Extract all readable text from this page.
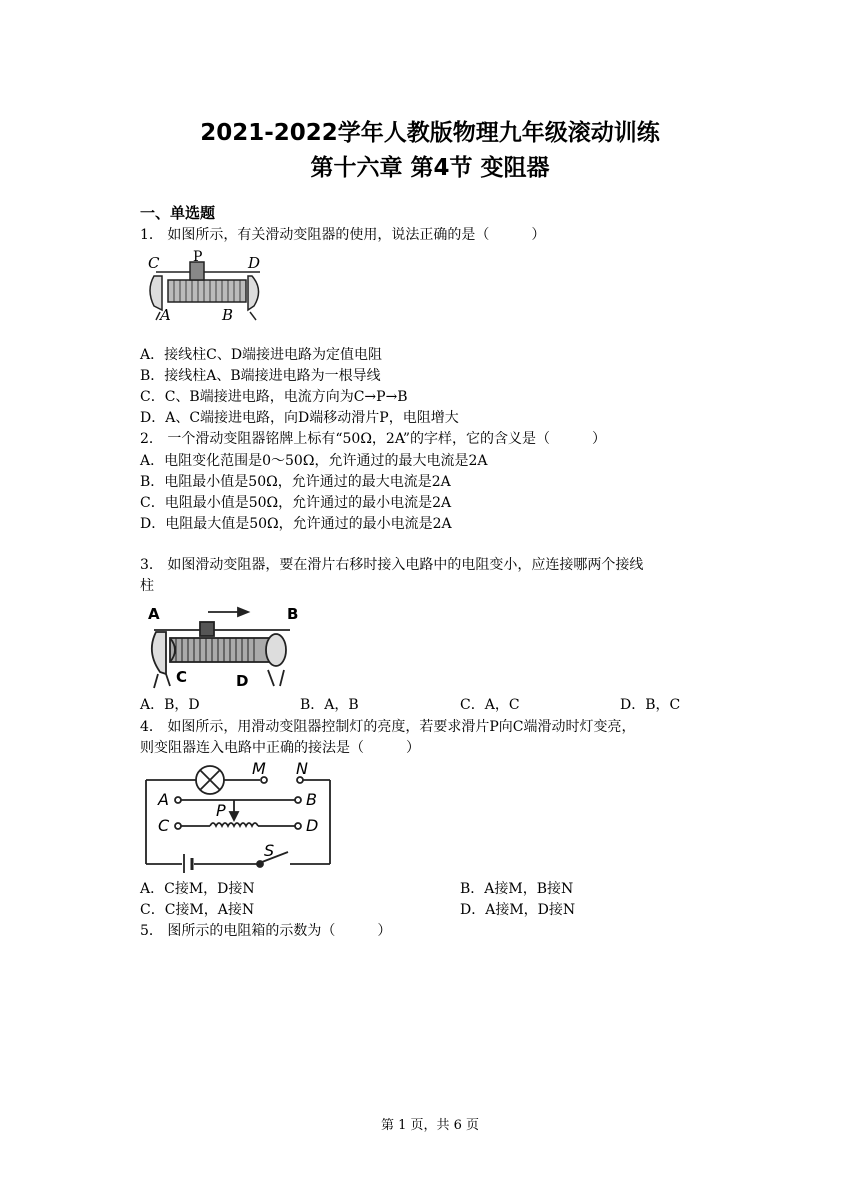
2021-2022学年人教版物理九年级滚动训练
第十六章 第4节 变阻器
一、单选题
1． 如图所示，有关滑动变阻器的使用，说法正确的是（　　　）
C P	D
A	B
A．接线柱C、D端接进电路为定值电阻
B．接线柱A、B端接进电路为一根导线
C．C、B端接进电路，电流方向为C→P→B
D．A、C端接进电路，向D端移动滑片P，电阻增大
2． 一个滑动变阻器铭牌上标有“50Ω，2A”的字样，它的含义是（　　　）
A．电阻变化范围是0～50Ω，允许通过的最大电流是2A
B．电阻最小值是50Ω，允许通过的最大电流是2A
C．电阻最小值是50Ω，允许通过的最小电流是2A
D．电阻最大值是50Ω，允许通过的最小电流是2A
3． 如图滑动变阻器，要在滑片右移时接入电路中的电阻变小，应连接哪两个接线
柱
A	B
C	D
A．B，D	B．A，B	C．A，C	D．B，C
4． 如图所示，用滑动变阻器控制灯的亮度，若要求滑片P向C端滑动时灯变亮，
则变阻器连入电路中正确的接法是（　　　）
M N
A	B
P
C	D
S
A．C接M，D接N	B．A接M，B接N
C．C接M，A接N	D．A接M，D接N
5． 图所示的电阻箱的示数为（　　　）
第 1 页，共 6 页
